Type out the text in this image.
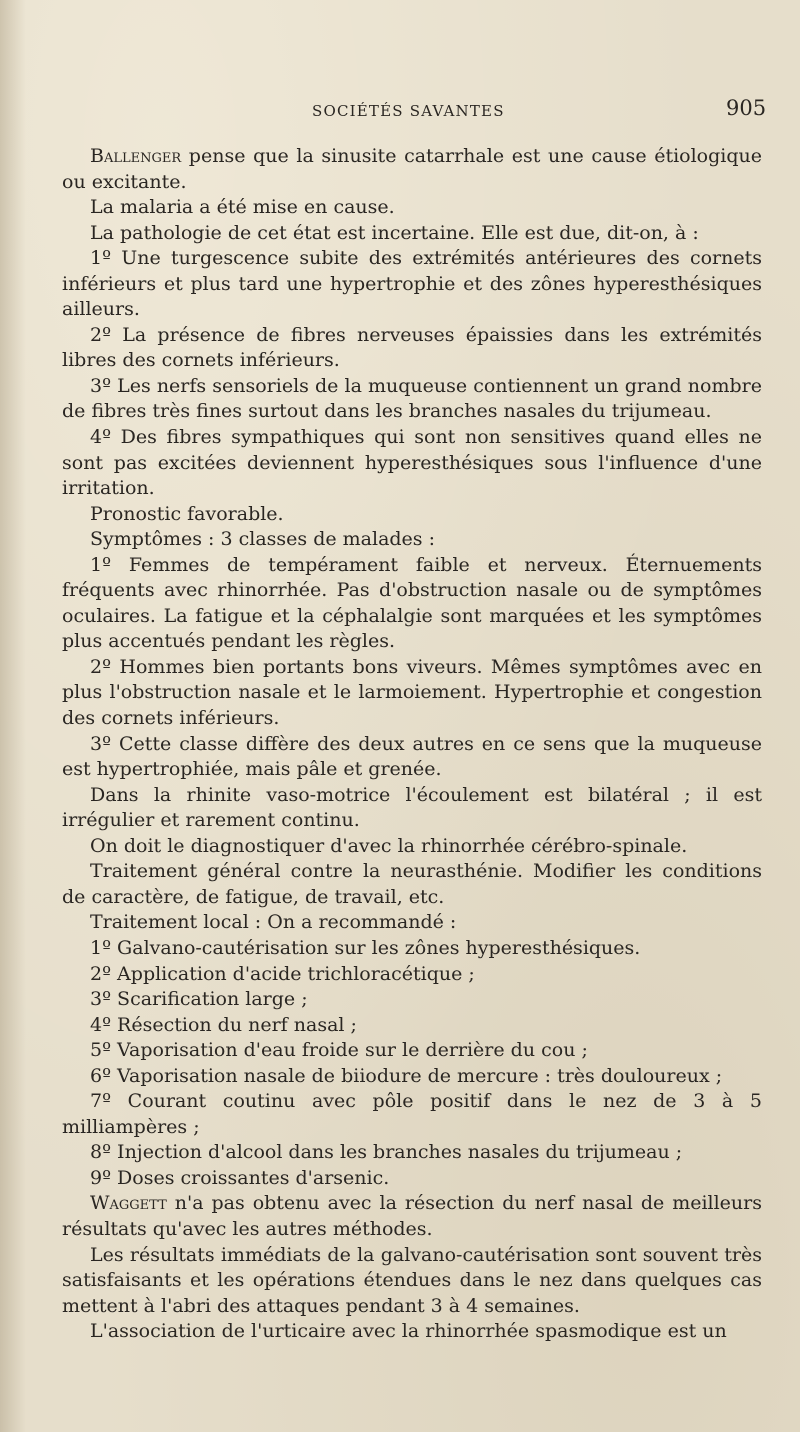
SOCIÉTÉS SAVANTES	905

Ballenger pense que la sinusite catarrhale est une cause étiologique ou excitante.

La malaria a été mise en cause.

La pathologie de cet état est incertaine. Elle est due, dit-on, à :

1º Une turgescence subite des extrémités antérieures des cornets inférieurs et plus tard une hypertrophie et des zônes hyperesthésiques ailleurs.

2º La présence de fibres nerveuses épaissies dans les extrémités libres des cornets inférieurs.

3º Les nerfs sensoriels de la muqueuse contiennent un grand nombre de fibres très fines surtout dans les branches nasales du trijumeau.

4º Des fibres sympathiques qui sont non sensitives quand elles ne sont pas excitées deviennent hyperesthésiques sous l'influence d'une irritation.

Pronostic favorable.

Symptômes : 3 classes de malades :

1º Femmes de tempérament faible et nerveux. Éternuements fréquents avec rhinorrhée. Pas d'obstruction nasale ou de symptômes oculaires. La fatigue et la céphalalgie sont marquées et les symptômes plus accentués pendant les règles.

2º Hommes bien portants bons viveurs. Mêmes symptômes avec en plus l'obstruction nasale et le larmoiement. Hypertrophie et congestion des cornets inférieurs.

3º Cette classe diffère des deux autres en ce sens que la muqueuse est hypertrophiée, mais pâle et grenée.

Dans la rhinite vaso-motrice l'écoulement est bilatéral ; il est irrégulier et rarement continu.

On doit le diagnostiquer d'avec la rhinorrhée cérébro-spinale.

Traitement général contre la neurasthénie. Modifier les conditions de caractère, de fatigue, de travail, etc.

Traitement local : On a recommandé :

1º Galvano-cautérisation sur les zônes hyperesthésiques.

2º Application d'acide trichloracétique ;

3º Scarification large ;

4º Résection du nerf nasal ;

5º Vaporisation d'eau froide sur le derrière du cou ;

6º Vaporisation nasale de biiodure de mercure : très douloureux ;

7º Courant coutinu avec pôle positif dans le nez de 3 à 5 milliampères ;

8º Injection d'alcool dans les branches nasales du trijumeau ;

9º Doses croissantes d'arsenic.

Waggett n'a pas obtenu avec la résection du nerf nasal de meilleurs résultats qu'avec les autres méthodes.

Les résultats immédiats de la galvano-cautérisation sont souvent très satisfaisants et les opérations étendues dans le nez dans quelques cas mettent à l'abri des attaques pendant 3 à 4 semaines.

L'association de l'urticaire avec la rhinorrhée spasmodique est un
